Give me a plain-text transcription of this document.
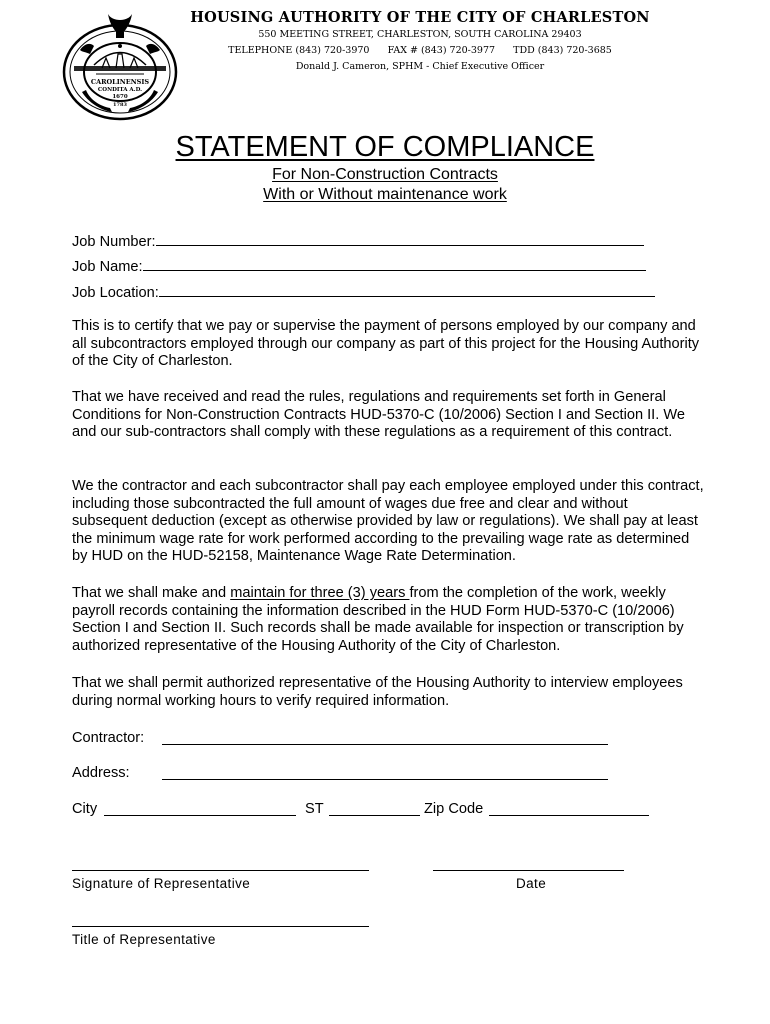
CAROLINENSIS
CONDITA A.D.
1670
1783
HOUSING AUTHORITY OF THE CITY OF CHARLESTON
550 MEETING STREET, CHARLESTON, SOUTH CAROLINA 29403
TELEPHONE (843) 720-3970      FAX # (843) 720-3977      TDD (843) 720-3685
Donald J. Cameron, SPHM - Chief Executive Officer
STATEMENT OF COMPLIANCE
For Non-Construction Contracts
With or Without maintenance work
Job Number:
Job Name:
Job Location:

This is to certify that we pay or supervise the payment of persons employed by our company and all subcontractors employed through our company as part of this project for the Housing Authority of the City of Charleston.

That we have received and read the rules, regulations and requirements set forth in General Conditions for Non-Construction Contracts HUD-5370-C (10/2006) Section I and Section II. We and our sub-contractors shall comply with these regulations as a requirement of this contract.

We the contractor and each subcontractor shall pay each employee employed under this contract, including those subcontracted the full amount of wages due free and clear and without subsequent deduction (except as otherwise provided by law or regulations). We shall pay at least the minimum wage rate for work performed according to the prevailing wage rate as determined by HUD on the HUD-52158, Maintenance Wage Rate Determination.

That we shall make and maintain for three (3) years from the completion of the work, weekly payroll records containing the information described in the HUD Form HUD-5370-C (10/2006) Section I and Section II. Such records shall be made available for inspection or transcription by authorized representative of the Housing Authority of the City of Charleston.

That we shall permit authorized representative of the Housing Authority to interview employees during normal working hours to verify required information.

Contractor:
Address:
City	ST	Zip Code
Signature of Representative	Date
Title of Representative
